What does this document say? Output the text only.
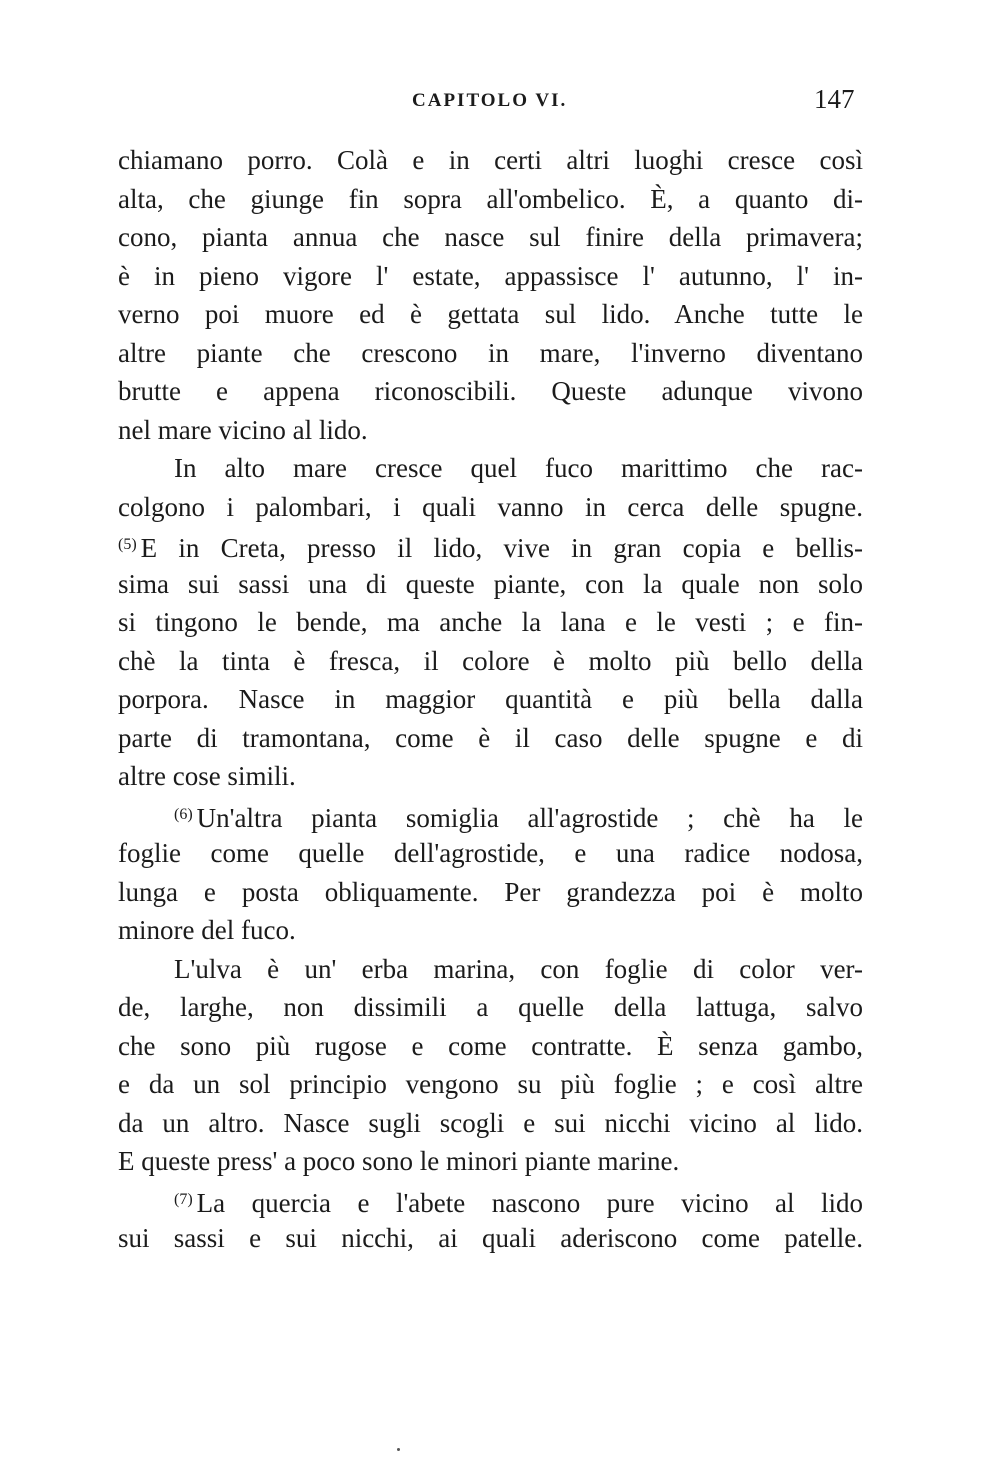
CAPITOLO VI.	147
chiamano porro. Colà e in certi altri luoghi cresce così
alta, che giunge fin sopra all'ombelico. È, a quanto di-
cono, pianta annua che nasce sul finire della primavera;
è in pieno vigore l' estate, appassisce l' autunno, l' in-
verno poi muore ed è gettata sul lido. Anche tutte le
altre piante che crescono in mare, l'inverno diventano
brutte e appena riconoscibili. Queste adunque vivono
nel mare vicino al lido.
In alto mare cresce quel fuco marittimo che rac-
colgono i palombari, i quali vanno in cerca delle spugne.
$^{(5)}$ E in Creta, presso il lido, vive in gran copia e bellis-
sima sui sassi una di queste piante, con la quale non solo
si tingono le bende, ma anche la lana e le vesti ; e fin-
chè la tinta è fresca, il colore è molto più bello della
porpora. Nasce in maggior quantità e più bella dalla
parte di tramontana, come è il caso delle spugne e di
altre cose simili.
$^{(6)}$ Un'altra pianta somiglia all'agrostide ; chè ha le
foglie come quelle dell'agrostide, e una radice nodosa,
lunga e posta obliquamente. Per grandezza poi è molto
minore del fuco.
L'ulva è un' erba marina, con foglie di color ver-
de, larghe, non dissimili a quelle della lattuga, salvo
che sono più rugose e come contratte. È senza gambo,
e da un sol principio vengono su più foglie ; e così altre
da un altro. Nasce sugli scogli e sui nicchi vicino al lido.
E queste press' a poco sono le minori piante marine.
$^{(7)}$ La quercia e l'abete nascono pure vicino al lido
sui sassi e sui nicchi, ai quali aderiscono come patelle.
